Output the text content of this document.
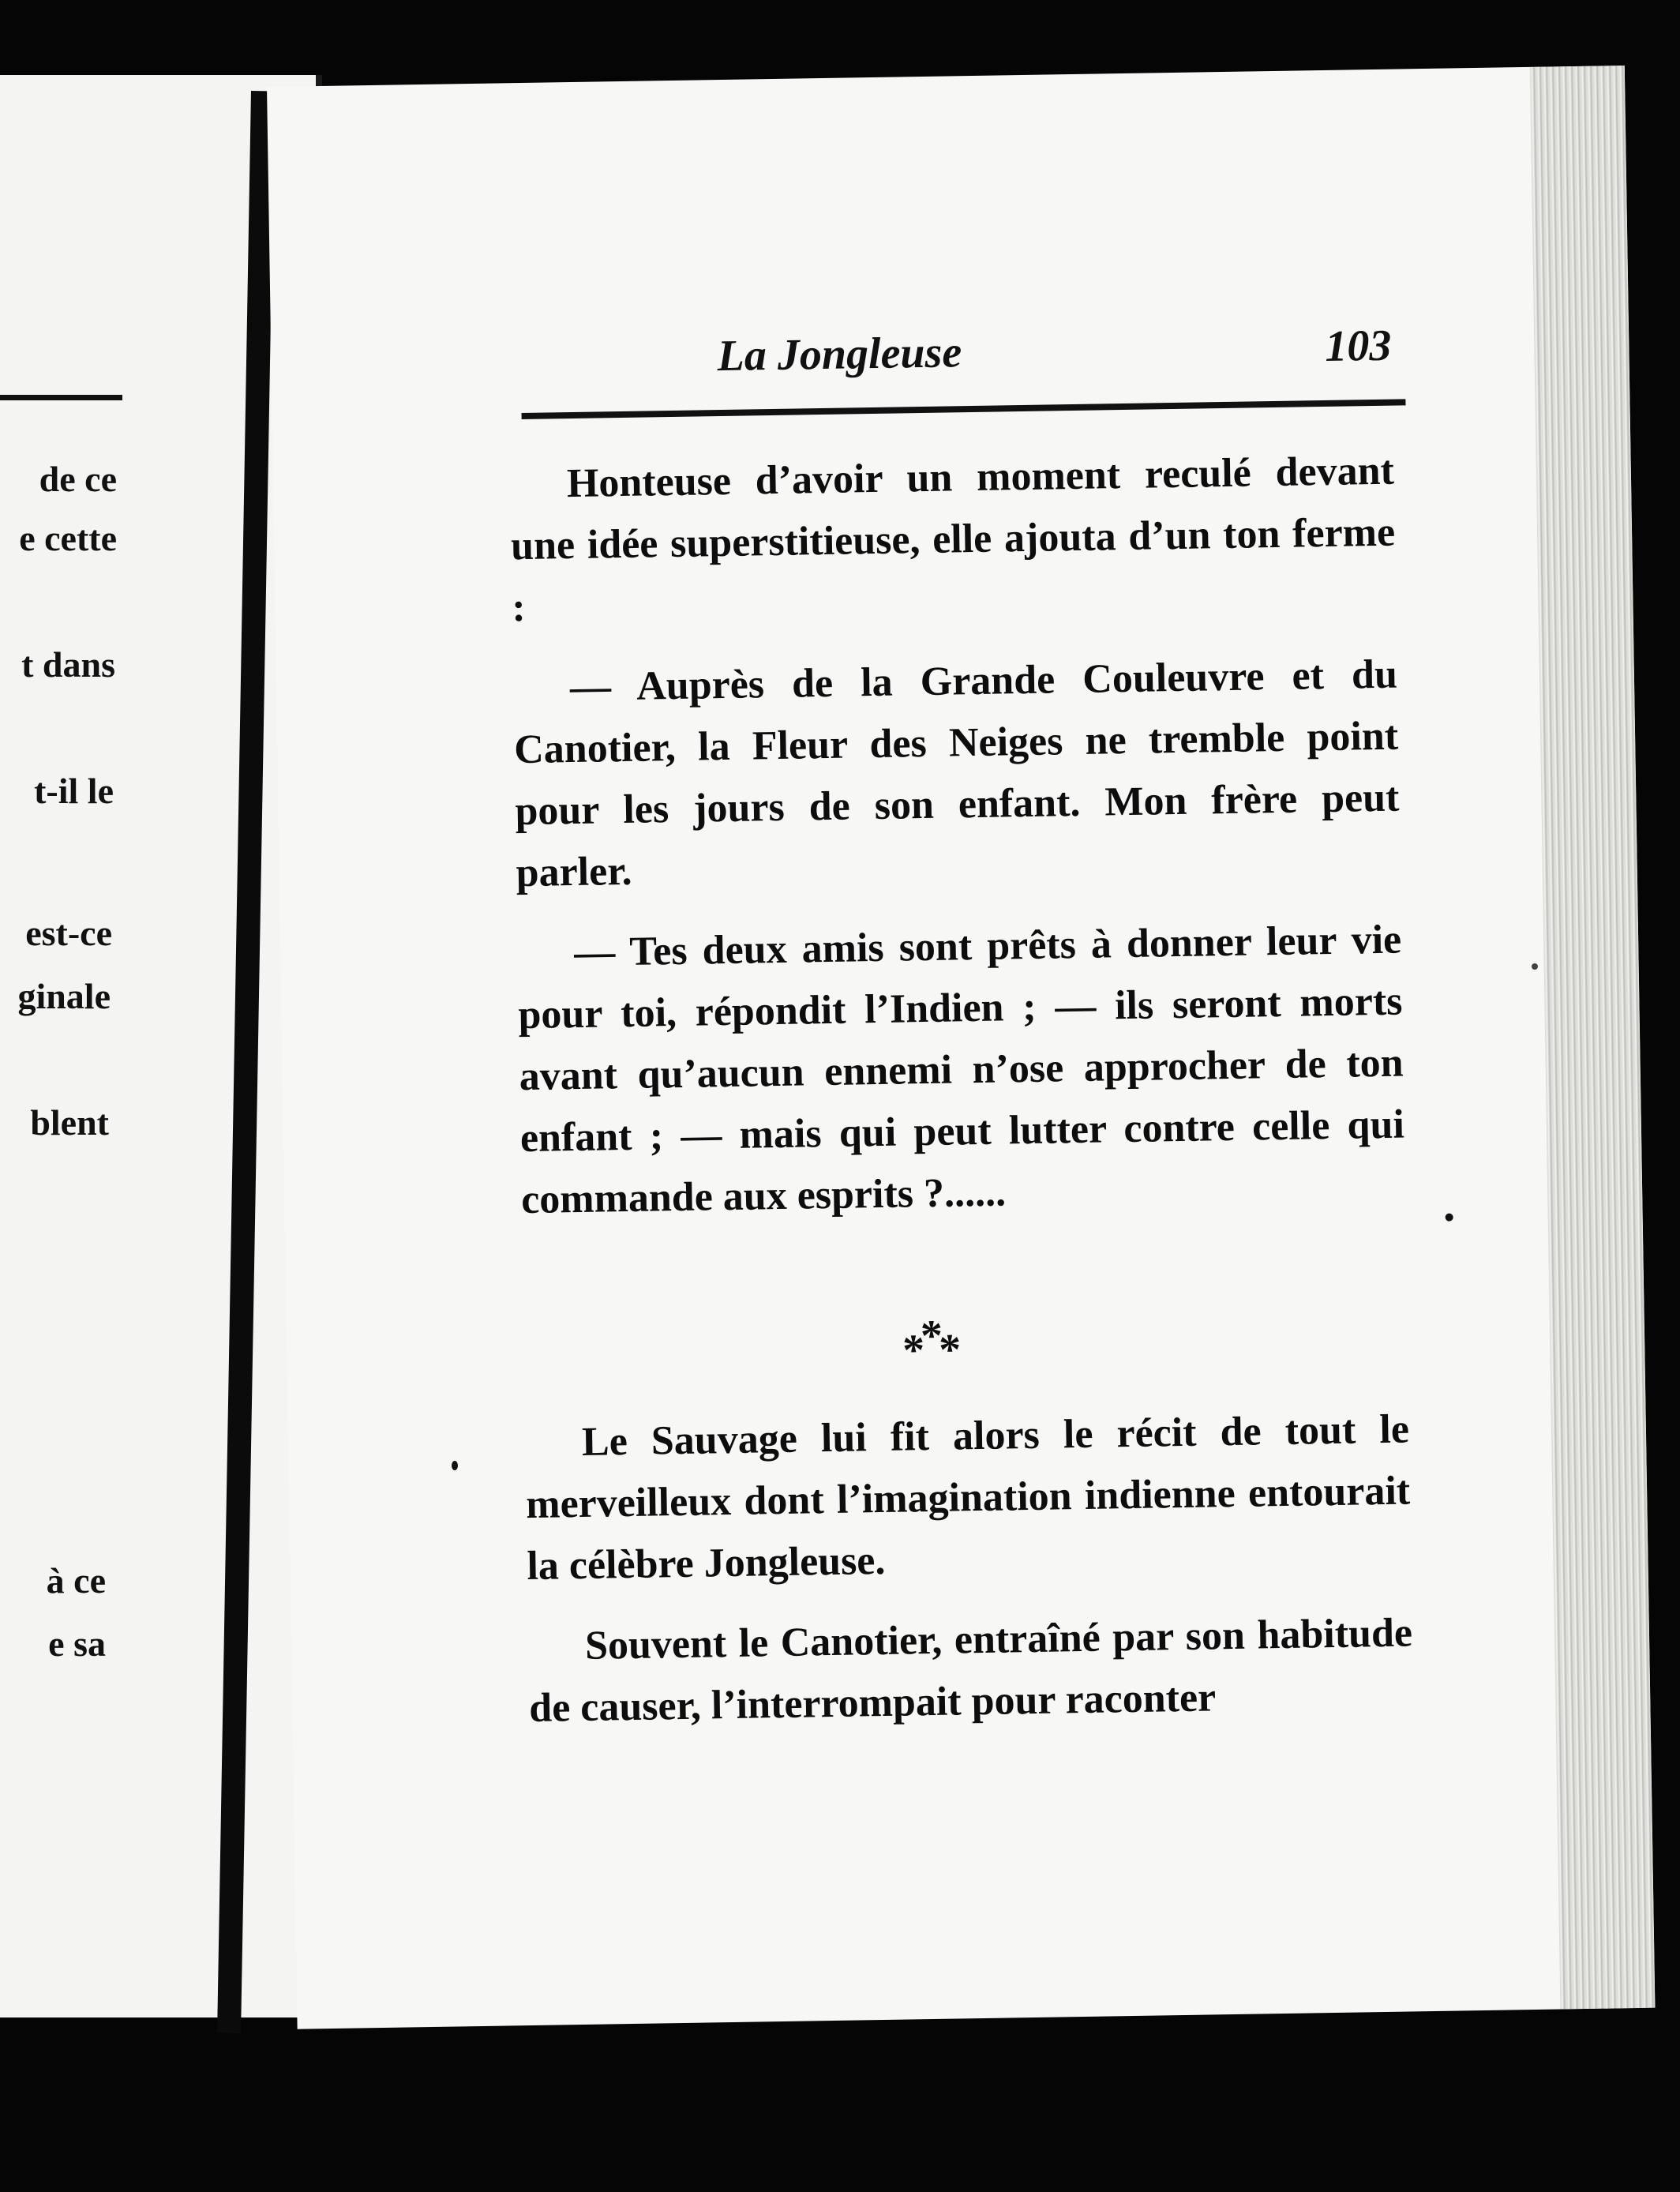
de ce
e cette
t dans
t-il le
est-ce
ginale
blent
à ce
e sa
La Jongleuse	103

Honteuse d’avoir un moment reculé devant une idée superstitieuse, elle ajouta d’un ton ferme :

— Auprès de la Grande Couleuvre et du Canotier, la Fleur des Neiges ne tremble point pour les jours de son enfant. Mon frère peut parler.

— Tes deux amis sont prêts à donner leur vie pour toi, répondit l’Indien ; — ils seront morts avant qu’aucun ennemi n’ose approcher de ton enfant ; — mais qui peut lutter contre celle qui commande aux esprits ?......

*
*
*

Le Sauvage lui fit alors le récit de tout le merveilleux dont l’imagination indienne entourait la célèbre Jongleuse.

Souvent le Canotier, entraîné par son habitude de causer, l’interrompait pour raconter
